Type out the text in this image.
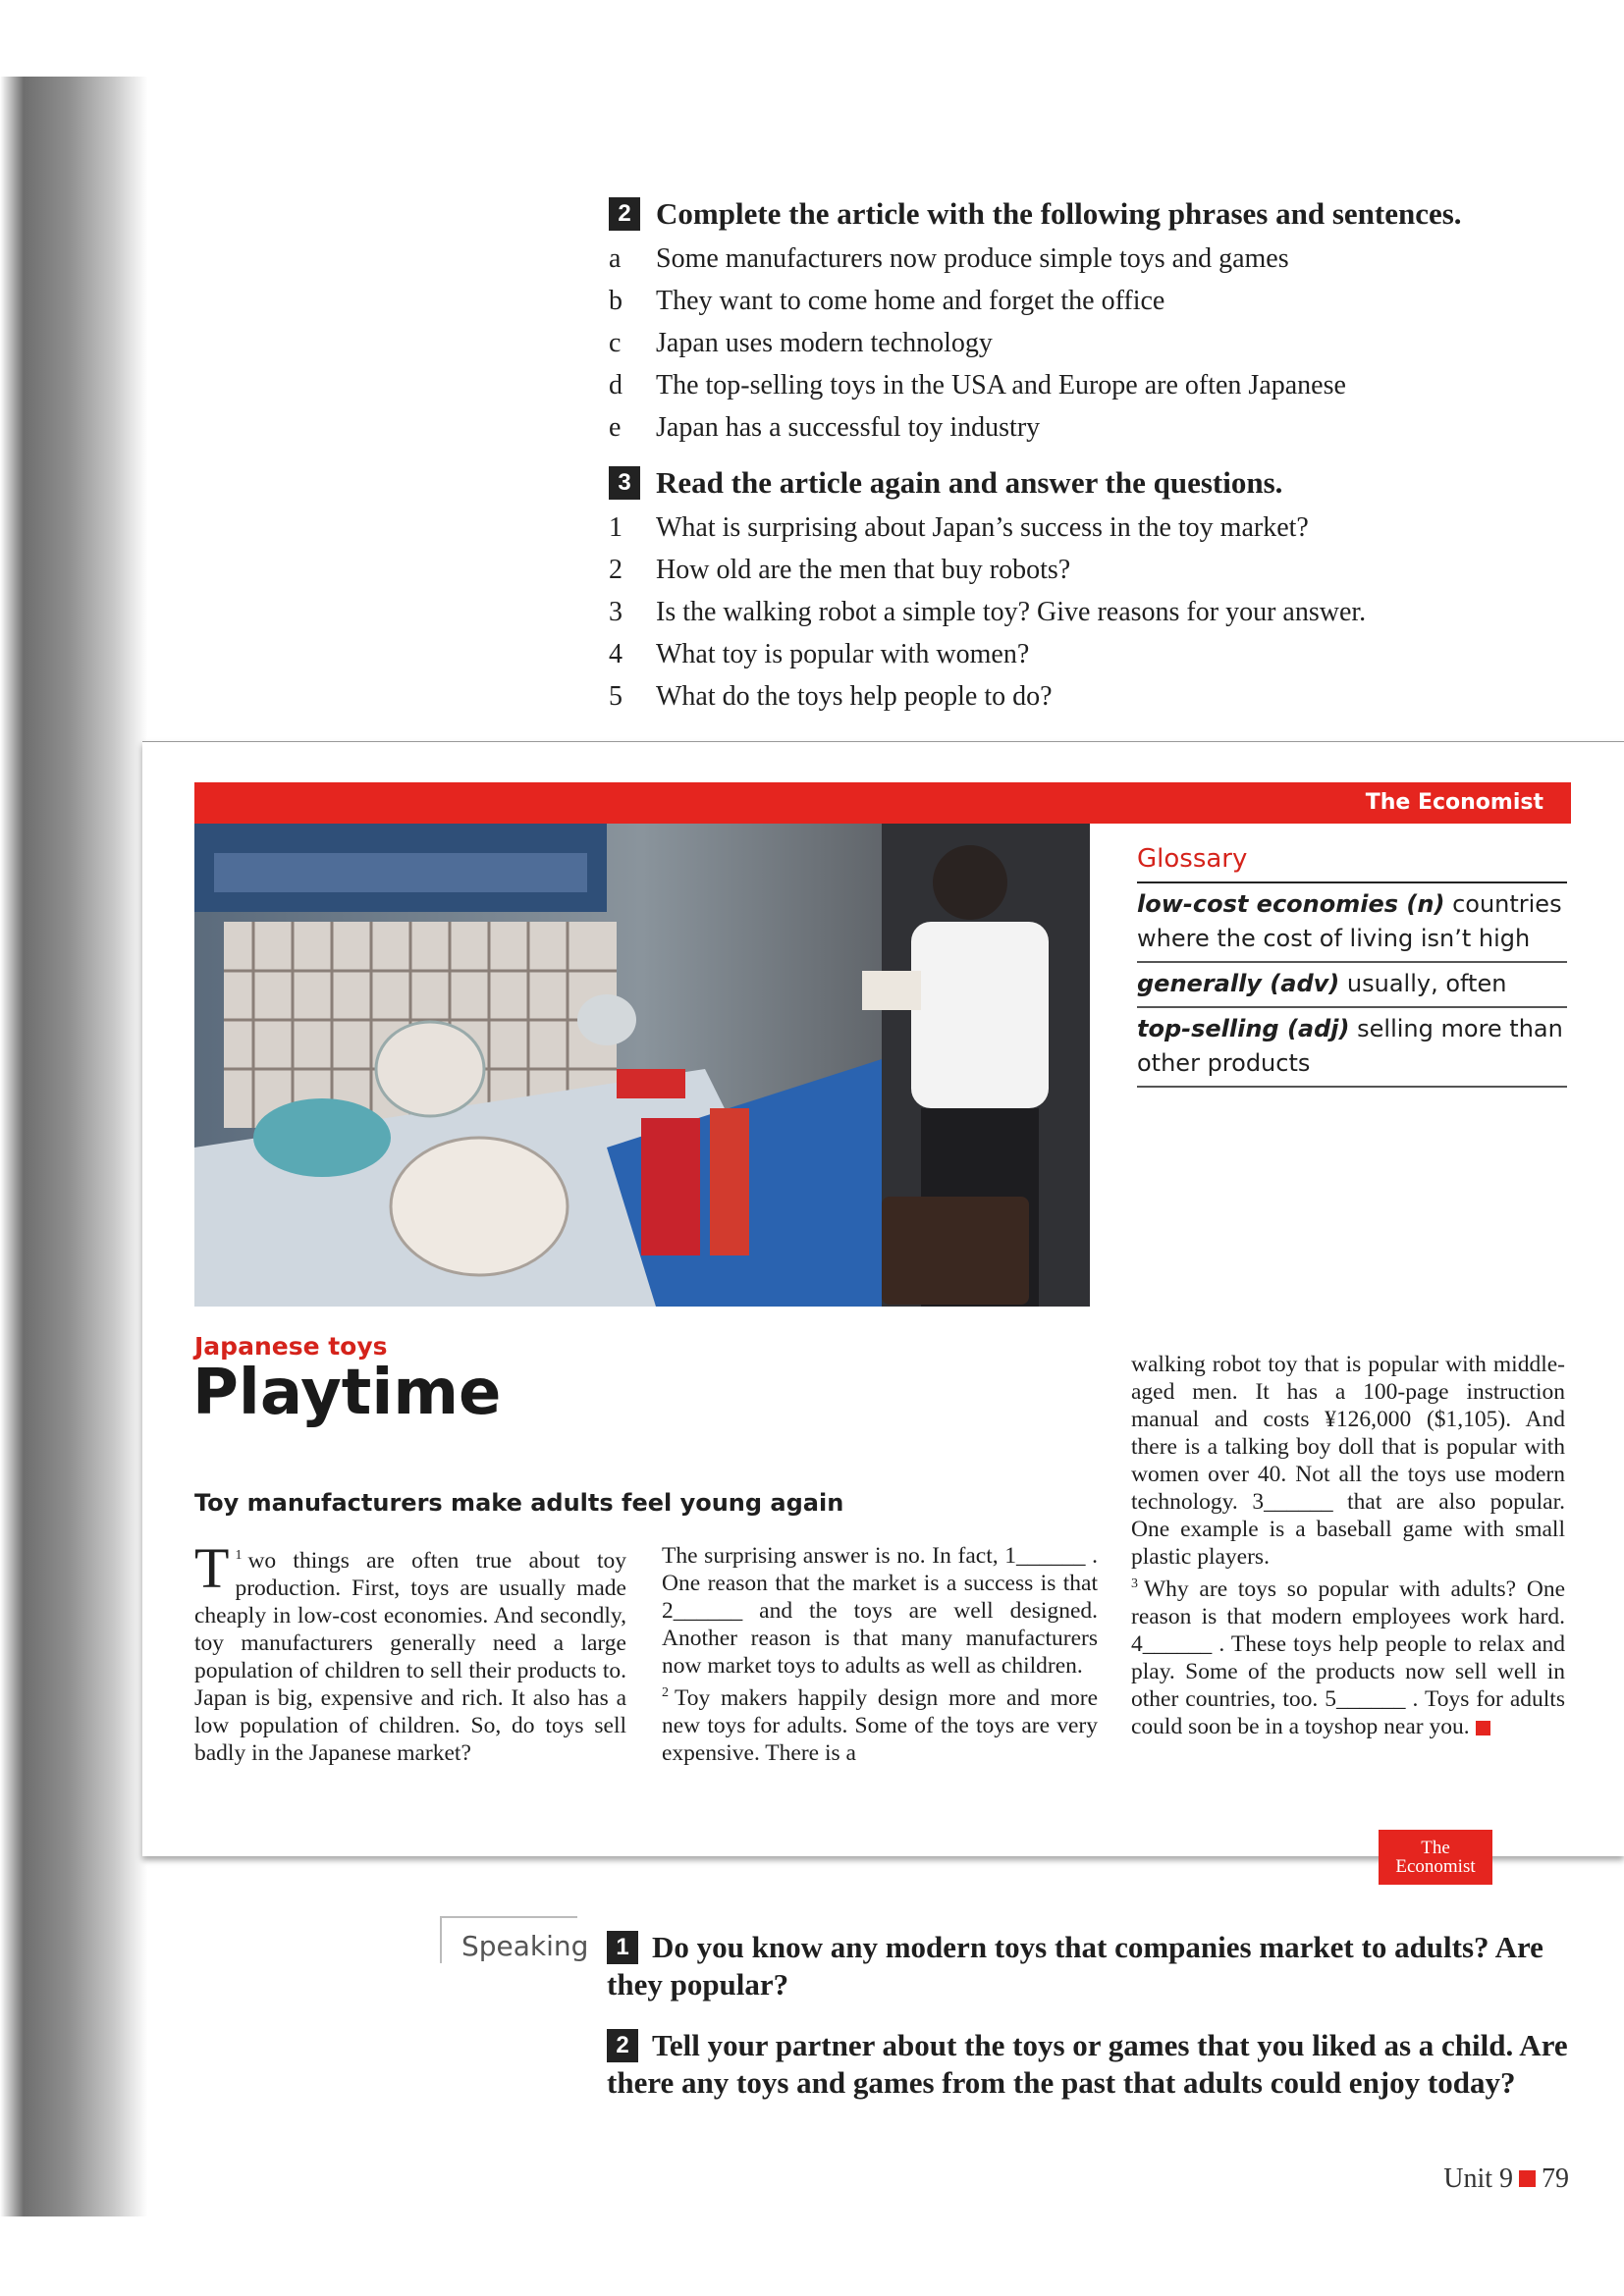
2 Complete the article with the following phrases and sentences.
a	Some manufacturers now produce simple toys and games
b	They want to come home and forget the office
c	Japan uses modern technology
d	The top-selling toys in the USA and Europe are often Japanese
e	Japan has a successful toy industry
3 Read the article again and answer the questions.
1	What is surprising about Japan’s success in the toy market?
2	How old are the men that buy robots?
3	Is the walking robot a simple toy? Give reasons for your answer.
4	What toy is popular with women?
5	What do the toys help people to do?
The Economist
Glossary
low-cost economies (n) countries where the cost of living isn’t high
generally (adv) usually, often
top-selling (adj) selling more than other products
Japanese toys
Playtime
Toy manufacturers make adults feel young again

$^1$
T wo things are often true about toy production. First, toys are usually made cheaply in low-cost economies. And secondly, toy manufacturers generally need a large population of children to sell their products to. Japan is big, expensive and rich. It also has a low population of children. So, do toys sell badly in the Japanese market?

The surprising answer is no. In fact, 1______ . One reason that the market is a success is that 2______ and the toys are well designed. Another reason is that many manufacturers now market toys to adults as well as children.

$^2$ Toy makers happily design more and more new toys for adults. Some of the toys are very expensive. There is a

walking robot toy that is popular with middle-aged men. It has a 100-page instruction manual and costs ¥126,000 ($1,105). And there is a talking boy doll that is popular with women over 40. Not all the toys use modern technology. 3______ that are also popular. One example is a baseball game with small plastic players.

$^3$ Why are toys so popular with adults? One reason is that modern employees work hard. 4______ . These toys help people to relax and play. Some of the products now sell well in other countries, too. 5______ . Toys for adults could soon be in a toyshop near you.

The
Economist
Speaking	1 Do you know any modern toys that companies market to adults? Are they popular?
2 Tell your partner about the toys or games that you liked as a child. Are there any toys and games from the past that adults could enjoy today?
Unit 9 79
